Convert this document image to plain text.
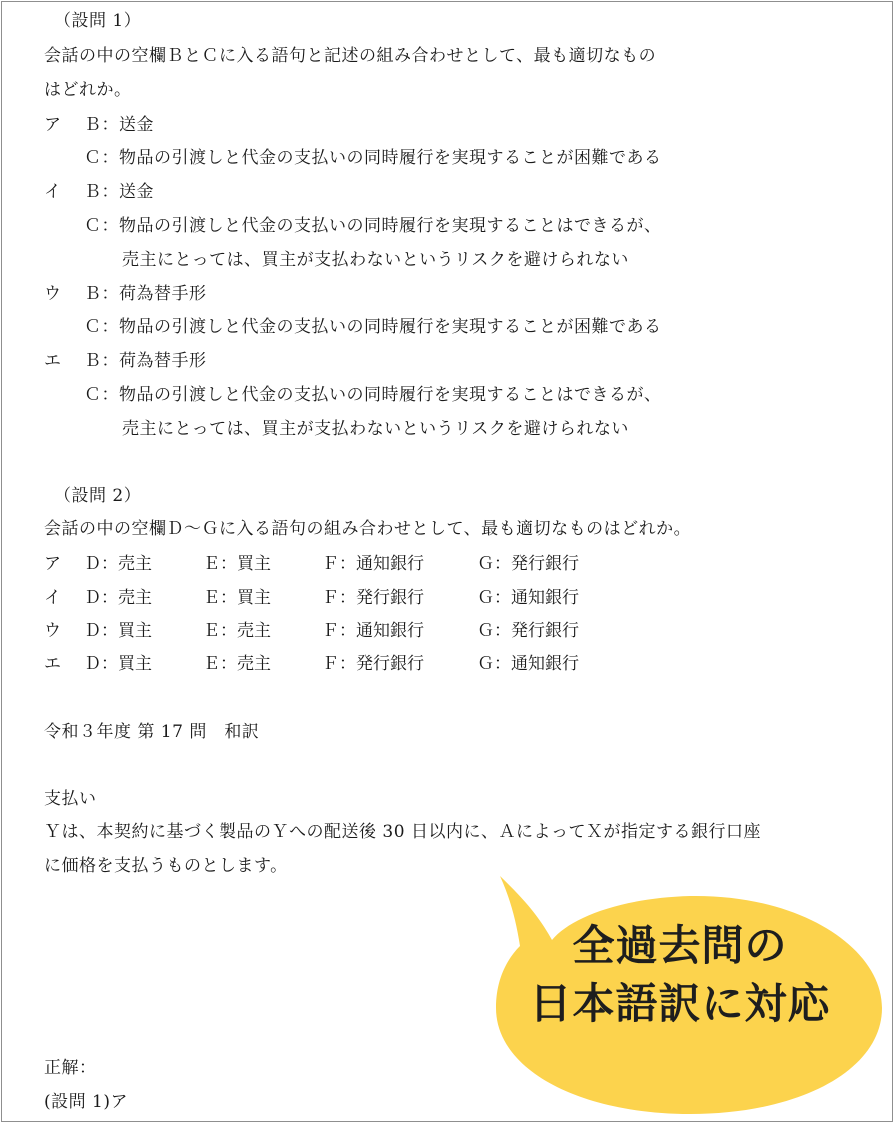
（設問 1）
会話の中の空欄ＢとＣに入る語句と記述の組み合わせとして、最も適切なもの
はどれか。
ア Ｂ：送金
Ｃ：物品の引渡しと代金の支払いの同時履行を実現することが困難である
イ Ｂ：送金
Ｃ：物品の引渡しと代金の支払いの同時履行を実現することはできるが、
売主にとっては、買主が支払わないというリスクを避けられない
ウ Ｂ：荷為替手形
Ｃ：物品の引渡しと代金の支払いの同時履行を実現することが困難である
エ Ｂ：荷為替手形
Ｃ：物品の引渡しと代金の支払いの同時履行を実現することはできるが、
売主にとっては、買主が支払わないというリスクを避けられない
（設問 2）
会話の中の空欄Ｄ～Ｇに入る語句の組み合わせとして、最も適切なものはどれか。
ア Ｄ：売主	Ｅ：買主	Ｆ：通知銀行	Ｇ：発行銀行
イ Ｄ：売主	Ｅ：買主	Ｆ：発行銀行	Ｇ：通知銀行
ウ Ｄ：買主	Ｅ：売主	Ｆ：通知銀行	Ｇ：発行銀行
エ Ｄ：買主	Ｅ：売主	Ｆ：発行銀行	Ｇ：通知銀行
令和３年度 第 17 問　和訳
支払い
Ｙは、本契約に基づく製品のＹへの配送後 30 日以内に、ＡによってＸが指定する銀行口座
に価格を支払うものとします。
正解：
(設問 1)ア
全過去問の
日本語訳に対応
